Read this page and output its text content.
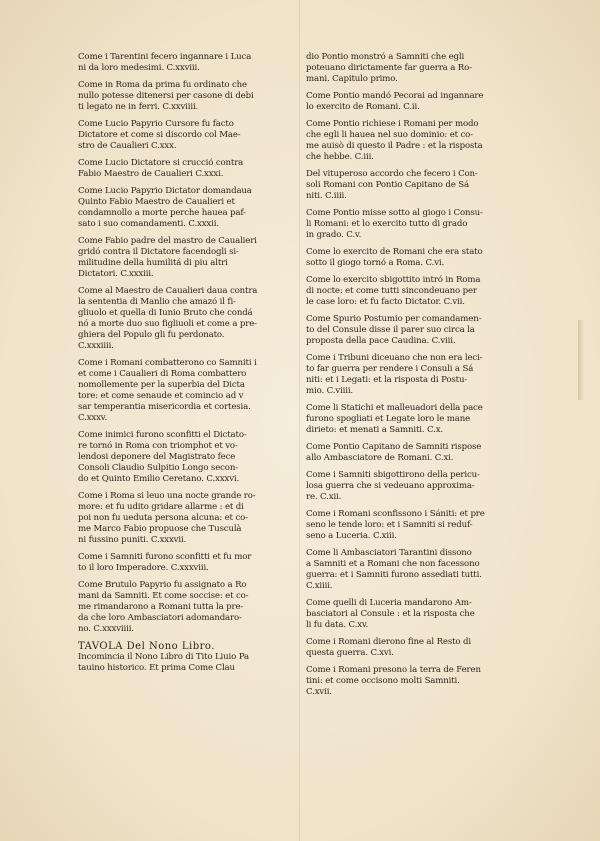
Come i Tarentini fecero ingannare i Luca
ni da loro medesimi. C.xxviii.
Come in Roma da prima fu ordinato che
nullo potesse ditenersi per casone di debi
ti legato ne in ferri. C.xxviiii.
Come Lucio Papyrio Cursore fu facto
Dictatore et come si discordo col Mae-
stro de Caualieri C.xxx.
Come Lucio Dictatore si crucció contra
Fabio Maestro de Caualieri C.xxxi.
Come Lucio Papyrio Dictator domandaua
Quinto Fabio Maestro de Caualieri et
condamnollo a morte perche hauea paf-
sato i suo comandamenti. C.xxxii.
Come Fabio padre del mastro de Caualieri
gridó contra il Dictatore facendogli si-
militudine della humilitá di piu altri
Dictatori. C.xxxiii.
Come al Maestro de Caualieri daua contra
la sententia di Manlio che amazó il fi-
gliuolo et quella di Iunio Bruto che condá
nó a morte duo suo figliuoli et come a pre-
ghiera del Populo gli fu perdonato.
C.xxxiiii.
Come i Romani combatterono co Samniti i
et come i Caualieri di Roma combattero
nomollemente per la superbia del Dicta
tore: et come senaude et comincio ad v
sar temperantia misericordia et cortesia.
C.xxxv.
Come inimici furono sconfitti el Dictato-
re tornó in Roma con triomphot et vo-
lendosi deponere del Magistrato fece
Consoli Claudio Sulpitio Longo secon-
do et Quinto Emilio Ceretano. C.xxxvi.
Come i Roma si leuo una nocte grande ro-
more: et fu udito gridare allarme : et di
poi non fu ueduta persona alcuna: et co-
me Marco Fabio propuose che Tusculà
ni fussino puniti. C.xxxvii.
Come i Samniti furono sconfitti et fu mor
to il loro Imperadore. C.xxxviii.
Come Brutulo Papyrio fu assignato a Ro
mani da Samniti. Et come soccise: et co-
me rimandarono a Romani tutta la pre-
da che loro Ambasciatori adomandaro-
no. C.xxxviiii.
TAVOLA Del Nono Libro.
Incomincia il Nono Libro di Tito Liuio Pa
tauino historico. Et prima Come Clau
dio Pontio monstró a Samniti che egli
poteuano dirictamente far guerra a Ro-
mani. Capitulo primo.
Come Pontio mandó Pecorai ad ingannare
lo exercito de Romani. C.ii.
Come Pontio richiese i Romani per modo
che egli li hauea nel suo dominio: et co-
me auisò di questo il Padre : et la risposta
che hebbe. C.iii.
Del vituperoso accordo che fecero i Con-
soli Romani con Pontio Capitano de Sá
niti. C.iiii.
Come Pontio misse sotto al giogo i Consu-
li Romani: et lo exercito tutto di grado
in grado. C.v.
Come lo exercito de Romani che era stato
sotto il giogo tornó a Roma. C.vi.
Come lo exercito sbigottito intró in Roma
di nocte: et come tutti sincondeuano per
le case loro: et fu facto Dictator. C.vii.
Come Spurio Postumio per comandamen-
to del Consule disse il parer suo circa la
proposta della pace Caudina. C.viii.
Come i Tribuni diceuano che non era leci-
to far guerra per rendere i Consuli a Sá
niti: et i Legati: et la risposta di Postu-
mio. C.viiii.
Come li Statichi et malleuadori della pace
furono spogliati et Legate loro le mane
dirieto: et menati a Samniti. C.x.
Come Pontio Capitano de Samniti rispose
allo Ambasciatore de Romani. C.xi.
Come i Samniti sbigottirono della pericu-
losa guerra che si vedeuano approxima-
re. C.xii.
Come i Romani sconfissono i Sániti: et pre
seno le tende loro: et i Samniti si reduf-
seno a Luceria. C.xiii.
Come li Ambasciatori Tarantini dissono
a Samniti et a Romani che non facessono
guerra: et i Samniti furono assediati tutti.
C.xiiii.
Come quelli di Luceria mandarono Am-
basciatori al Consule : et la risposta che
li fu data. C.xv.
Come i Romani dierono fine al Resto di
questa guerra. C.xvi.
Come i Romani presono la terra de Feren
tini: et come occisono molti Samniti.
C.xvii.
